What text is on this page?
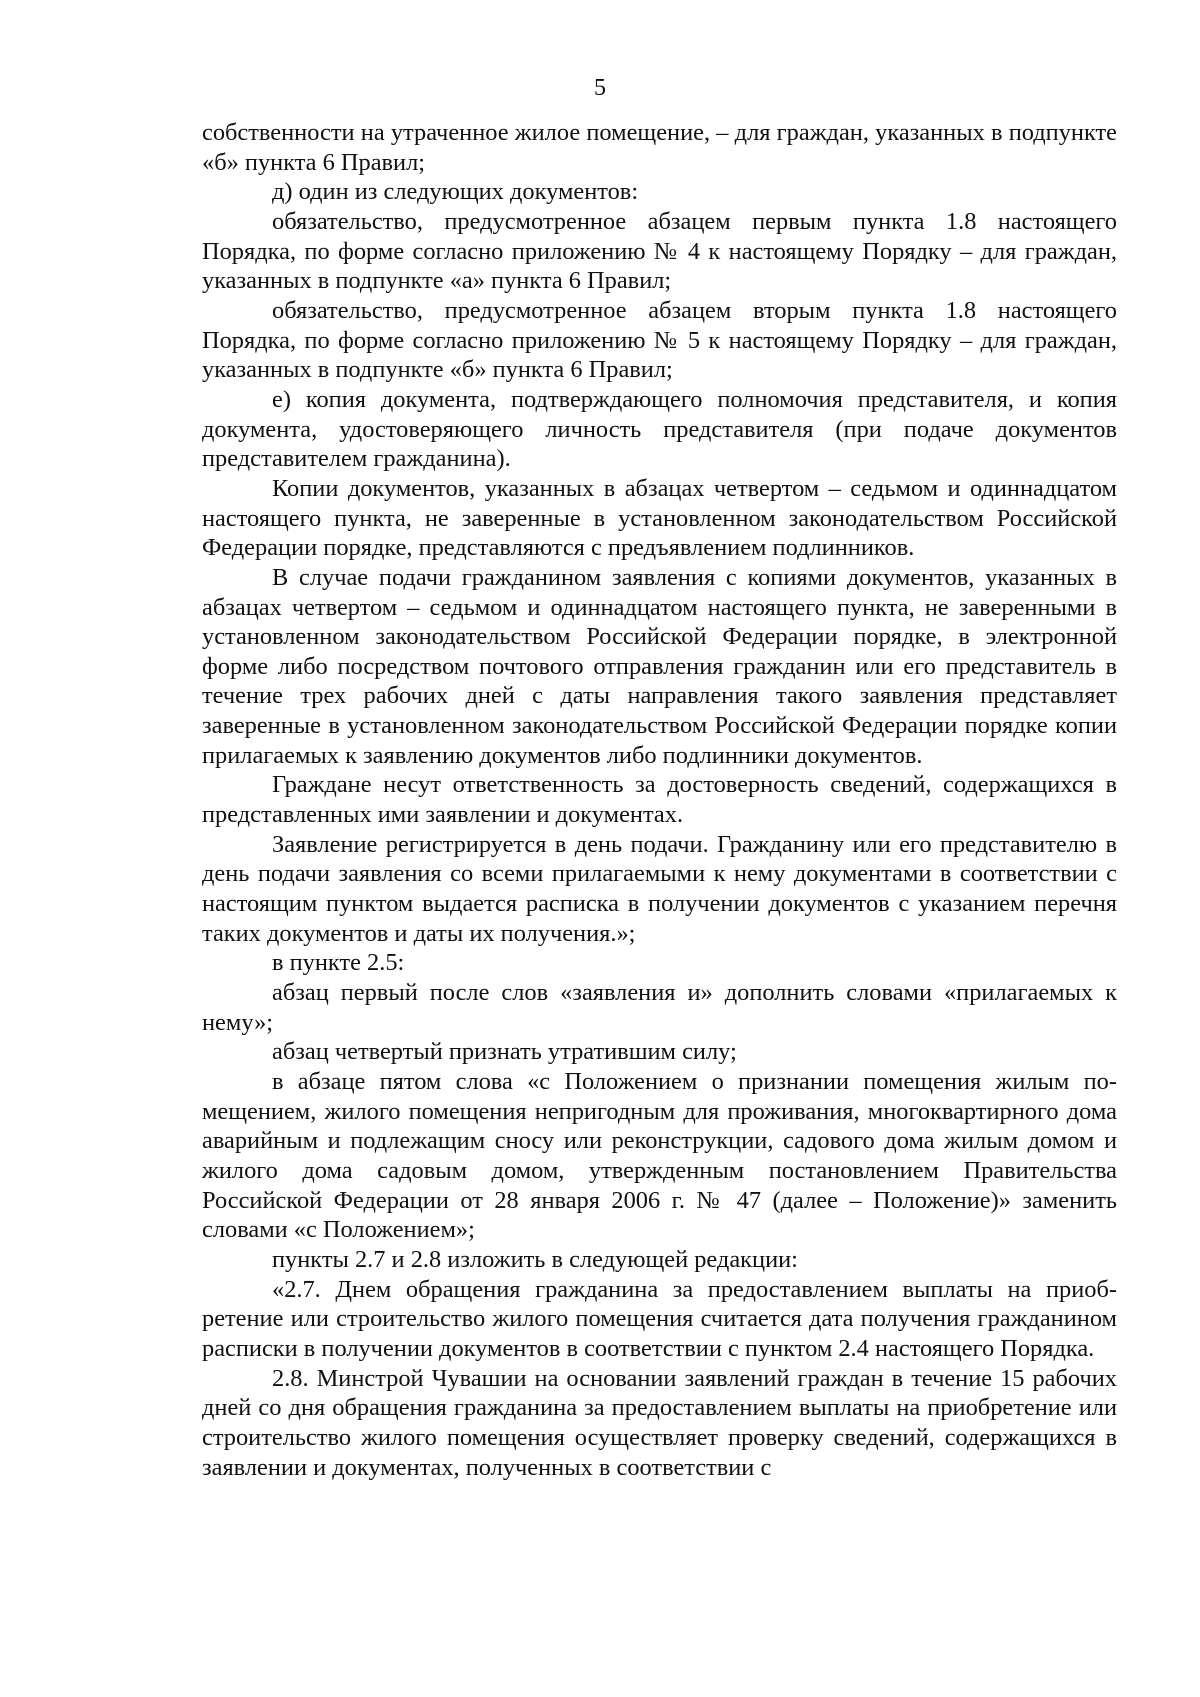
5

собственности на утраченное жилое помещение, – для граждан, указанных в подпункте «б» пункта 6 Правил;

д) один из следующих документов:

обязательство, предусмотренное абзацем первым пункта 1.8 настоящего Порядка, по форме согласно приложению № 4 к настоящему Порядку – для граждан, указанных в подпункте «а» пункта 6 Правил;

обязательство, предусмотренное абзацем вторым пункта 1.8 настоящего Порядка, по форме согласно приложению № 5 к настоящему Порядку – для граждан, указанных в подпункте «б» пункта 6 Правил;

е) копия документа, подтверждающего полномочия представителя, и копия документа, удостоверяющего личность представителя (при подаче документов представителем гражданина).

Копии документов, указанных в абзацах четвертом – седьмом и одиннадцатом настоящего пункта, не заверенные в установленном законодательством Российской Федерации порядке, представляются с предъявлением подлинников.

В случае подачи гражданином заявления с копиями документов, указанных в абзацах четвертом – седьмом и одиннадцатом настоящего пункта, не заверенными в установленном законодательством Российской Федерации порядке, в электронной форме либо посредством почтового отправления гражданин или его представитель в течение трех рабочих дней с даты направления такого заявления представляет заверенные в установленном законодательством Российской Федерации порядке копии прилагаемых к заявлению документов либо подлинники документов.

Граждане несут ответственность за достоверность сведений, содержащихся в представленных ими заявлении и документах.

Заявление регистрируется в день подачи. Гражданину или его представителю в день подачи заявления со всеми прилагаемыми к нему документами в соответствии с настоящим пунктом выдается расписка в получении документов с указанием перечня таких документов и даты их получения.»;

в пункте 2.5:

абзац первый после слов «заявления и» дополнить словами «прилагаемых к нему»;

абзац четвертый признать утратившим силу;

в абзаце пятом слова «с Положением о признании помещения жилым помещением, жилого помещения непригодным для проживания, многоквартирного дома аварийным и подлежащим сносу или реконструкции, садового дома жилым домом и жилого дома садовым домом, утвержденным постановлением Правительства Российской Федерации от 28 января 2006 г. № 47 (далее – Положение)» заменить словами «с Положением»;

пункты 2.7 и 2.8 изложить в следующей редакции:

«2.7. Днем обращения гражданина за предоставлением выплаты на приобретение или строительство жилого помещения считается дата получения гражданином расписки в получении документов в соответствии с пунктом 2.4 настоящего Порядка.

2.8. Минстрой Чувашии на основании заявлений граждан в течение 15 рабочих дней со дня обращения гражданина за предоставлением выплаты на приобретение или строительство жилого помещения осуществляет проверку сведений, содержащихся в заявлении и документах, полученных в соответствии с
